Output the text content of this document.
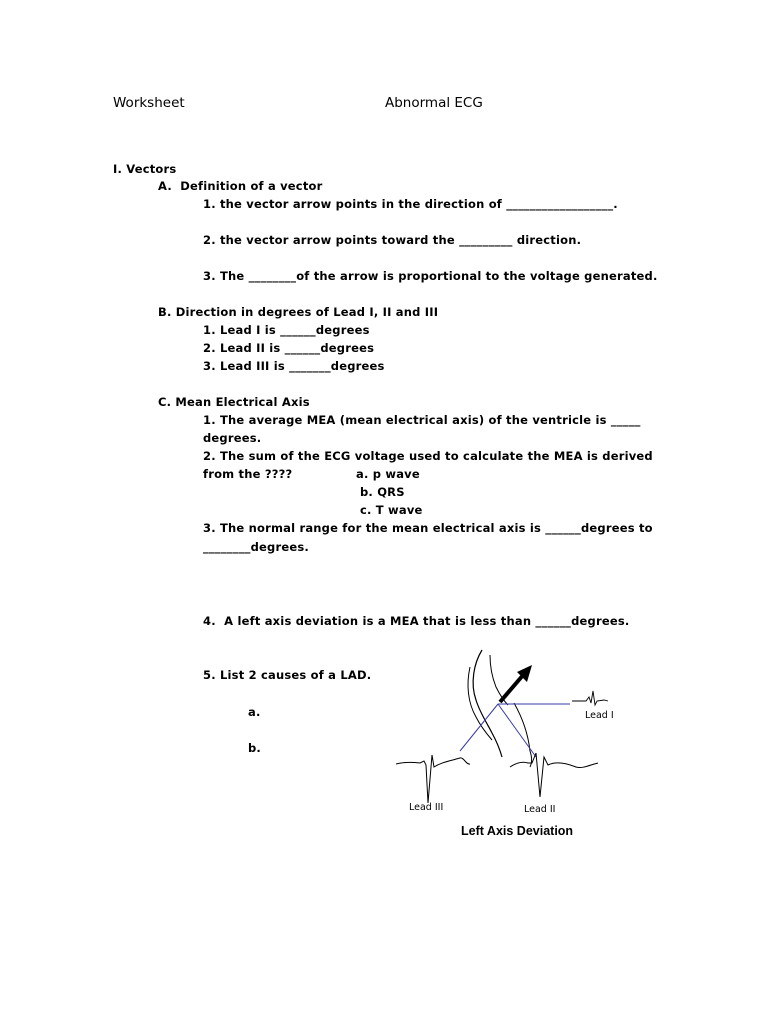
Worksheet	Abnormal ECG
I. Vectors
A.  Definition of a vector
1. the vector arrow points in the direction of __________________.
2. the vector arrow points toward the _________ direction.
3. The ________of the arrow is proportional to the voltage generated.
B. Direction in degrees of Lead I, II and III
1. Lead I is ______degrees
2. Lead II is ______degrees
3. Lead III is _______degrees
C. Mean Electrical Axis
1. The average MEA (mean electrical axis) of the ventricle is _____
degrees.
2. The sum of the ECG voltage used to calculate the MEA is derived
from the ????	a. p wave
b. QRS
c. T wave
3. The normal range for the mean electrical axis is ______degrees to
________degrees.
4.  A left axis deviation is a MEA that is less than ______degrees.
5. List 2 causes of a LAD.
a.
b.
Lead I
Lead III	Lead II
Left Axis Deviation
